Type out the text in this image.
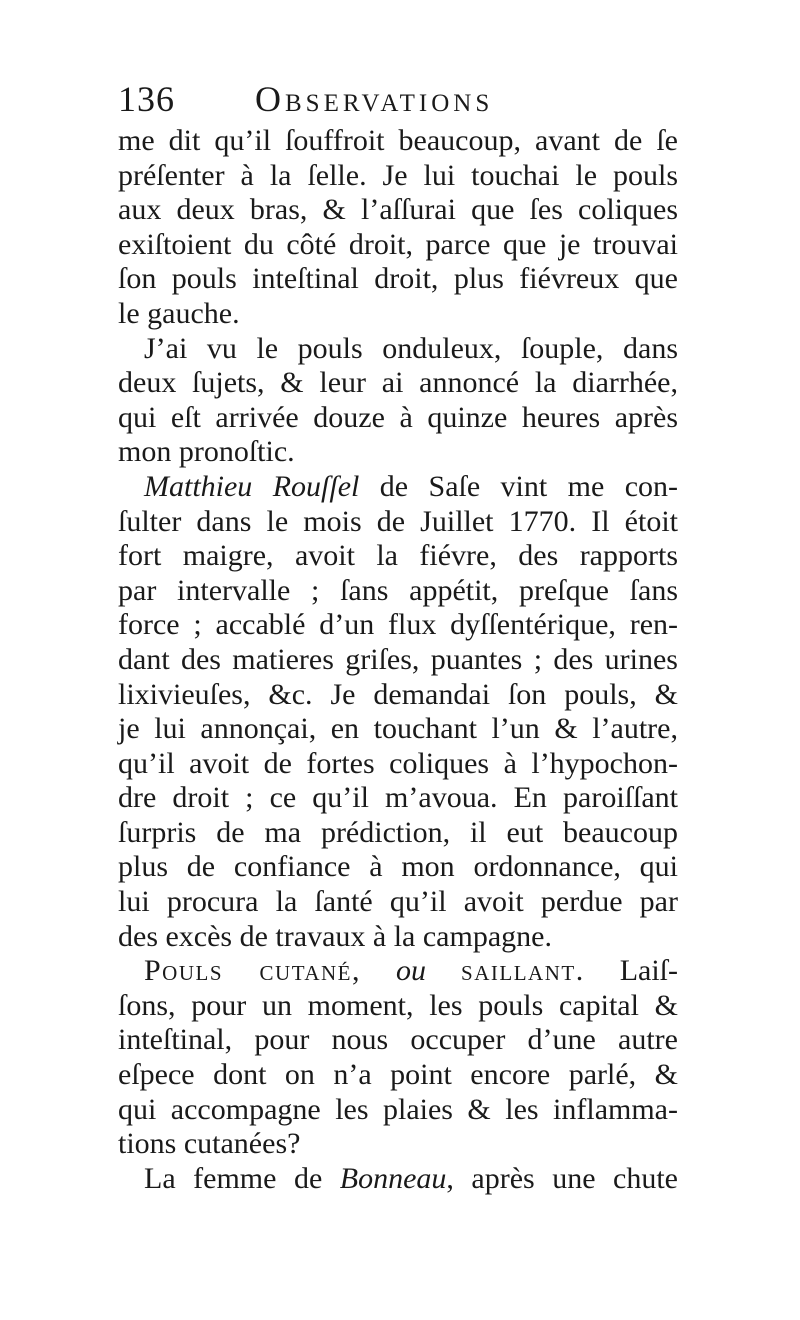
136 Observations
me dit qu’il ſouffroit beaucoup, avant de ſe
préſenter à la ſelle. Je lui touchai le pouls
aux deux bras, & l’aſſurai que ſes coliques
exiſtoient du côté droit, parce que je trouvai
ſon pouls inteſtinal droit, plus fiévreux que
le gauche.
J’ai vu le pouls onduleux, ſouple, dans
deux ſujets, & leur ai annoncé la diarrhée,
qui eſt arrivée douze à quinze heures après
mon pronoſtic.
Matthieu Rouſſel de Saſe vint me con-
ſulter dans le mois de Juillet 1770. Il étoit
fort maigre, avoit la fiévre, des rapports
par intervalle ; ſans appétit, preſque ſans
force ; accablé d’un flux dyſſentérique, ren-
dant des matieres griſes, puantes ; des urines
lixivieuſes, &c. Je demandai ſon pouls, &
je lui annonçai, en touchant l’un & l’autre,
qu’il avoit de fortes coliques à l’hypochon-
dre droit ; ce qu’il m’avoua. En paroiſſant
ſurpris de ma prédiction, il eut beaucoup
plus de confiance à mon ordonnance, qui
lui procura la ſanté qu’il avoit perdue par
des excès de travaux à la campagne.
Pouls cutané, ou saillant. Laiſ-
ſons, pour un moment, les pouls capital &
inteſtinal, pour nous occuper d’une autre
eſpece dont on n’a point encore parlé, &
qui accompagne les plaies & les inflamma-
tions cutanées?
La femme de Bonneau, après une chute
